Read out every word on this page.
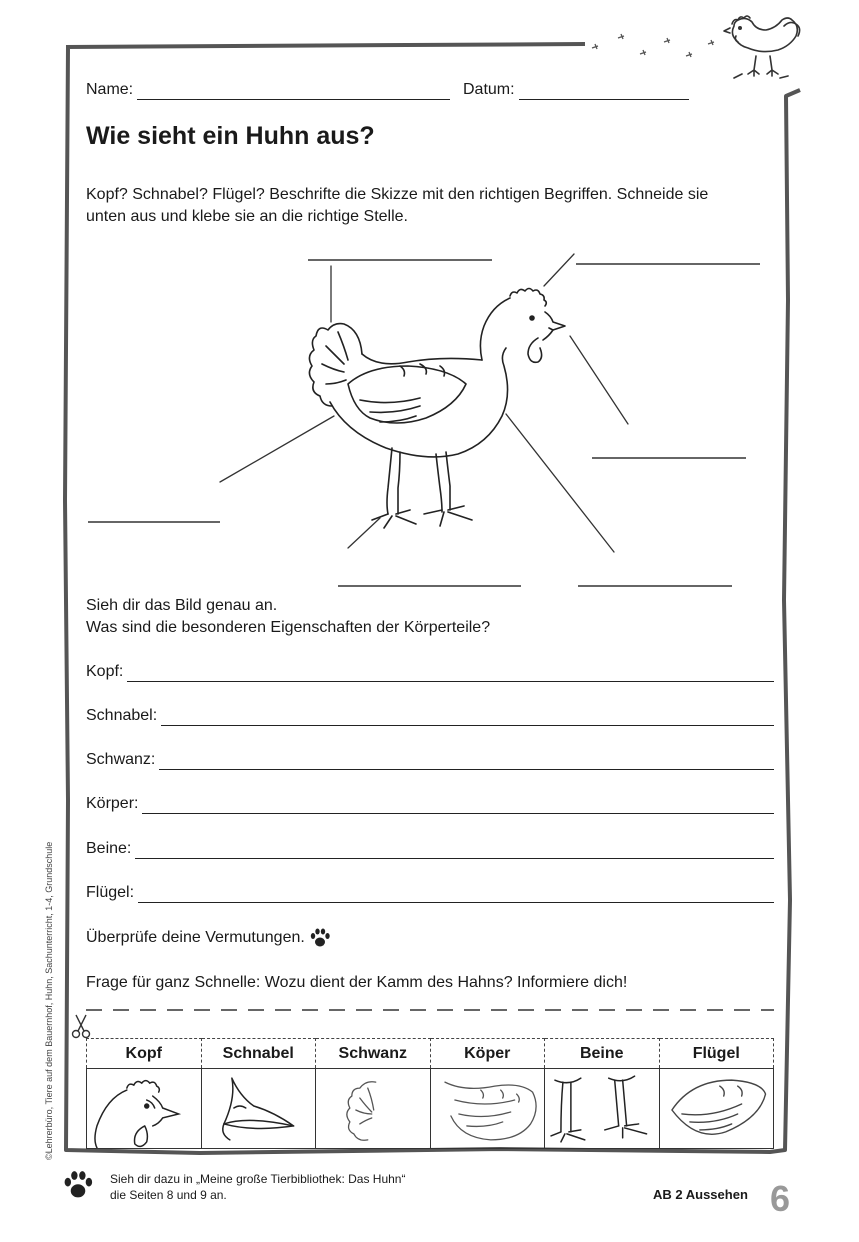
Name:	Datum:
Wie sieht ein Huhn aus?
Kopf? Schnabel? Flügel? Beschrifte die Skizze mit den richtigen Begriffen. Schneide sie
unten aus und klebe sie an die richtige Stelle.
Sieh dir das Bild genau an.
Was sind die besonderen Eigenschaften der Körperteile?
Kopf:
Schnabel:
Schwanz:
Körper:
Beine:
Flügel:
Überprüfe deine Vermutungen.
Frage für ganz Schnelle: Wozu dient der Kamm des Hahns? Informiere dich!
Kopf	Schnabel	Schwanz	Köper	Beine	Flügel

©Lehrerbüro, Tiere auf dem Bauernhof, Huhn, Sachunterricht, 1-4, Grundschule
Sieh dir dazu in „Meine große Tierbibliothek: Das Huhn“
die Seiten 8 und 9 an.	AB 2 Aussehen 6
